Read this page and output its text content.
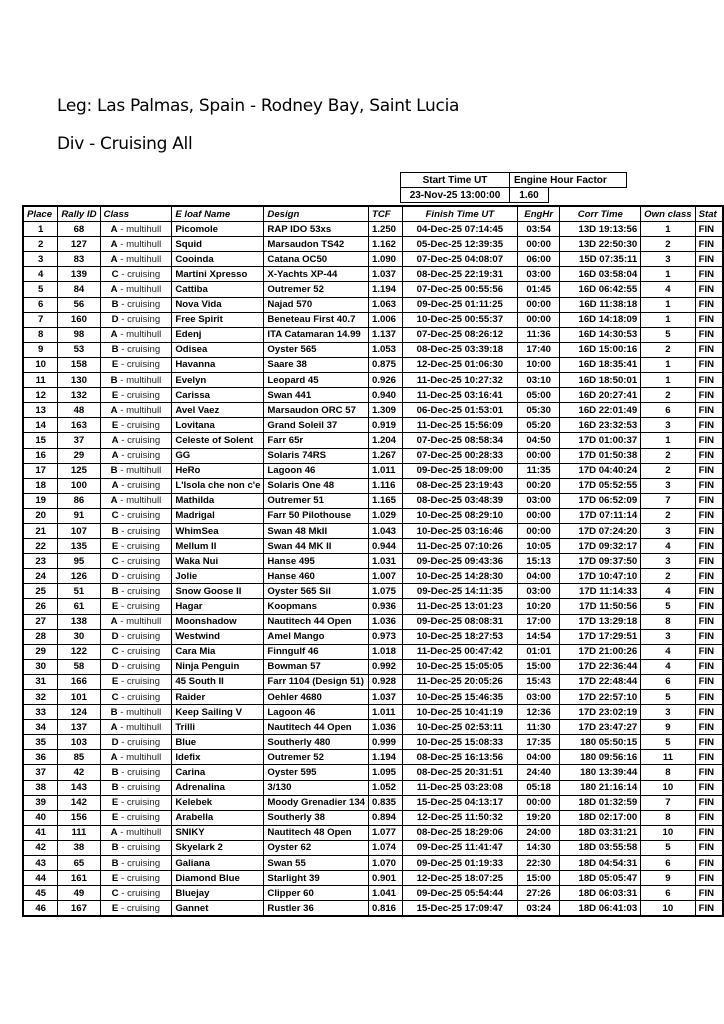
Leg: Las Palmas, Spain - Rodney Bay, Saint Lucia
Div - Cruising All
Start Time UT	Engine Hour Factor	
23-Nov-25 13:00:00	1.60	
Place	Rally ID	Class	E loaf Name	Design	TCF	Finish Time UT	EngHr	Corr Time	Own class	Stat
1	68	A - multihull	Picomole	RAP IDO 53xs	1.250	04-Dec-25 07:14:45	03:54	13D 19:13:56	1	FIN
2	127	A - multihull	Squid	Marsaudon TS42	1.162	05-Dec-25 12:39:35	00:00	13D 22:50:30	2	FIN
3	83	A - multihull	Cooinda	Catana OC50	1.090	07-Dec-25 04:08:07	06:00	15D 07:35:11	3	FIN
4	139	C - cruising	Martini Xpresso	X-Yachts XP-44	1.037	08-Dec-25 22:19:31	03:00	16D 03:58:04	1	FIN
5	84	A - multihull	Cattiba	Outremer 52	1.194	07-Dec-25 00:55:56	01:45	16D 06:42:55	4	FIN
6	56	B - cruising	Nova Vida	Najad 570	1.063	09-Dec-25 01:11:25	00:00	16D 11:38:18	1	FIN
7	160	D - cruising	Free Spirit	Beneteau First 40.7	1.006	10-Dec-25 00:55:37	00:00	16D 14:18:09	1	FIN
8	98	A - multihull	Edenj	ITA Catamaran 14.99	1.137	07-Dec-25 08:26:12	11:36	16D 14:30:53	5	FIN
9	53	B - cruising	Odisea	Oyster 565	1.053	08-Dec-25 03:39:18	17:40	16D 15:00:16	2	FIN
10	158	E - cruising	Havanna	Saare 38	0.875	12-Dec-25 01:06:30	10:00	16D 18:35:41	1	FIN
11	130	B - multihull	Evelyn	Leopard 45	0.926	11-Dec-25 10:27:32	03:10	16D 18:50:01	1	FIN
12	132	E - cruising	Carissa	Swan 441	0.940	11-Dec-25 03:16:41	05:00	16D 20:27:41	2	FIN
13	48	A - multihull	Avel Vaez	Marsaudon ORC 57	1.309	06-Dec-25 01:53:01	05:30	16D 22:01:49	6	FIN
14	163	E - cruising	Lovitana	Grand Soleil 37	0.919	11-Dec-25 15:56:09	05:20	16D 23:32:53	3	FIN
15	37	A - cruising	Celeste of Solent	Farr 65r	1.204	07-Dec-25 08:58:34	04:50	17D 01:00:37	1	FIN
16	29	A - cruising	GG	Solaris 74RS	1.267	07-Dec-25 00:28:33	00:00	17D 01:50:38	2	FIN
17	125	B - multihull	HeRo	Lagoon 46	1.011	09-Dec-25 18:09:00	11:35	17D 04:40:24	2	FIN
18	100	A - cruising	L'Isola che non c'e	Solaris One 48	1.116	08-Dec-25 23:19:43	00:20	17D 05:52:55	3	FIN
19	86	A - multihull	Mathilda	Outremer 51	1.165	08-Dec-25 03:48:39	03:00	17D 06:52:09	7	FIN
20	91	C - cruising	Madrigal	Farr 50 Pilothouse	1.029	10-Dec-25 08:29:10	00:00	17D 07:11:14	2	FIN
21	107	B - cruising	WhimSea	Swan 48 MkII	1.043	10-Dec-25 03:16:46	00:00	17D 07:24:20	3	FIN
22	135	E - cruising	Mellum II	Swan 44 MK II	0.944	11-Dec-25 07:10:26	10:05	17D 09:32:17	4	FIN
23	95	C - cruising	Waka Nui	Hanse 495	1.031	09-Dec-25 09:43:36	15:13	17D 09:37:50	3	FIN
24	126	D - cruising	Jolie	Hanse 460	1.007	10-Dec-25 14:28:30	04:00	17D 10:47:10	2	FIN
25	51	B - cruising	Snow Goose II	Oyster 565 Sil	1.075	09-Dec-25 14:11:35	03:00	17D 11:14:33	4	FIN
26	61	E - cruising	Hagar	Koopmans	0.936	11-Dec-25 13:01:23	10:20	17D 11:50:56	5	FIN
27	138	A - multihull	Moonshadow	Nautitech 44 Open	1.036	09-Dec-25 08:08:31	17:00	17D 13:29:18	8	FIN
28	30	D - cruising	Westwind	Amel Mango	0.973	10-Dec-25 18:27:53	14:54	17D 17:29:51	3	FIN
29	122	C - cruising	Cara Mia	Finngulf 46	1.018	11-Dec-25 00:47:42	01:01	17D 21:00:26	4	FIN
30	58	D - cruising	Ninja Penguin	Bowman 57	0.992	10-Dec-25 15:05:05	15:00	17D 22:36:44	4	FIN
31	166	E - cruising	45 South II	Farr 1104 (Design 51)	0.928	11-Dec-25 20:05:26	15:43	17D 22:48:44	6	FIN
32	101	C - cruising	Raider	Oehler 4680	1.037	10-Dec-25 15:46:35	03:00	17D 22:57:10	5	FIN
33	124	B - multihull	Keep Sailing V	Lagoon 46	1.011	10-Dec-25 10:41:19	12:36	17D 23:02:19	3	FIN
34	137	A - multihull	Trilli	Nautitech 44 Open	1.036	10-Dec-25 02:53:11	11:30	17D 23:47:27	9	FIN
35	103	D - cruising	Blue	Southerly 480	0.999	10-Dec-25 15:08:33	17:35	180 05:50:15	5	FIN
36	85	A - multihull	Idefix	Outremer 52	1.194	08-Dec-25 16:13:56	04:00	180 09:56:16	11	FIN
37	42	B - cruising	Carina	Oyster 595	1.095	08-Dec-25 20:31:51	24:40	180 13:39:44	8	FIN
38	143	B - cruising	Adrenalina	3/130	1.052	11-Dec-25 03:23:08	05:18	180 21:16:14	10	FIN
39	142	E - cruising	Kelebek	Moody Grenadier 134	0.835	15-Dec-25 04:13:17	00:00	18D 01:32:59	7	FIN
40	156	E - cruising	Arabella	Southerly 38	0.894	12-Dec-25 11:50:32	19:20	18D 02:17:00	8	FIN
41	111	A - multihull	SNIKY	Nautitech 48 Open	1.077	08-Dec-25 18:29:06	24:00	18D 03:31:21	10	FIN
42	38	B - cruising	Skyelark 2	Oyster 62	1.074	09-Dec-25 11:41:47	14:30	18D 03:55:58	5	FIN
43	65	B - cruising	Galiana	Swan 55	1.070	09-Dec-25 01:19:33	22:30	18D 04:54:31	6	FIN
44	161	E - cruising	Diamond Blue	Starlight 39	0.901	12-Dec-25 18:07:25	15:00	18D 05:05:47	9	FIN
45	49	C - cruising	Bluejay	Clipper 60	1.041	09-Dec-25 05:54:44	27:26	18D 06:03:31	6	FIN
46	167	E - cruising	Gannet	Rustler 36	0.816	15-Dec-25 17:09:47	03:24	18D 06:41:03	10	FIN
